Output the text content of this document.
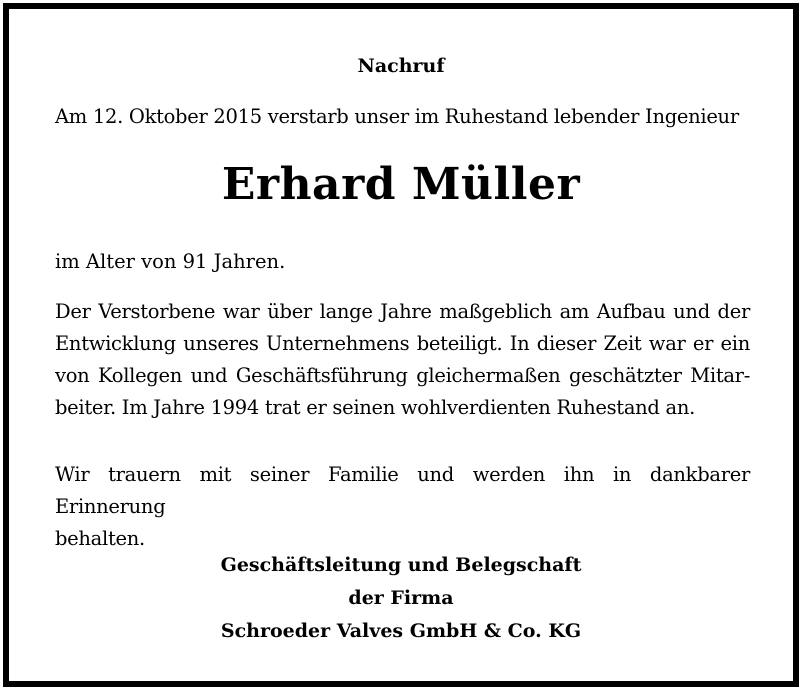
Nachruf
Am 12. Oktober 2015 verstarb unser im Ruhestand lebender Ingenieur
Erhard Müller
im Alter von 91 Jahren.
Der Verstorbene war über lange Jahre maßgeblich am Aufbau und der
Entwicklung unseres Unternehmens beteiligt. In dieser Zeit war er ein
von Kollegen und Geschäftsführung gleichermaßen geschätzter Mitar-
beiter. Im Jahre 1994 trat er seinen wohlverdienten Ruhestand an.
Wir trauern mit seiner Familie und werden ihn in dankbarer Erinnerung
behalten.
Geschäftsleitung und Belegschaft
der Firma
Schroeder Valves GmbH & Co. KG
